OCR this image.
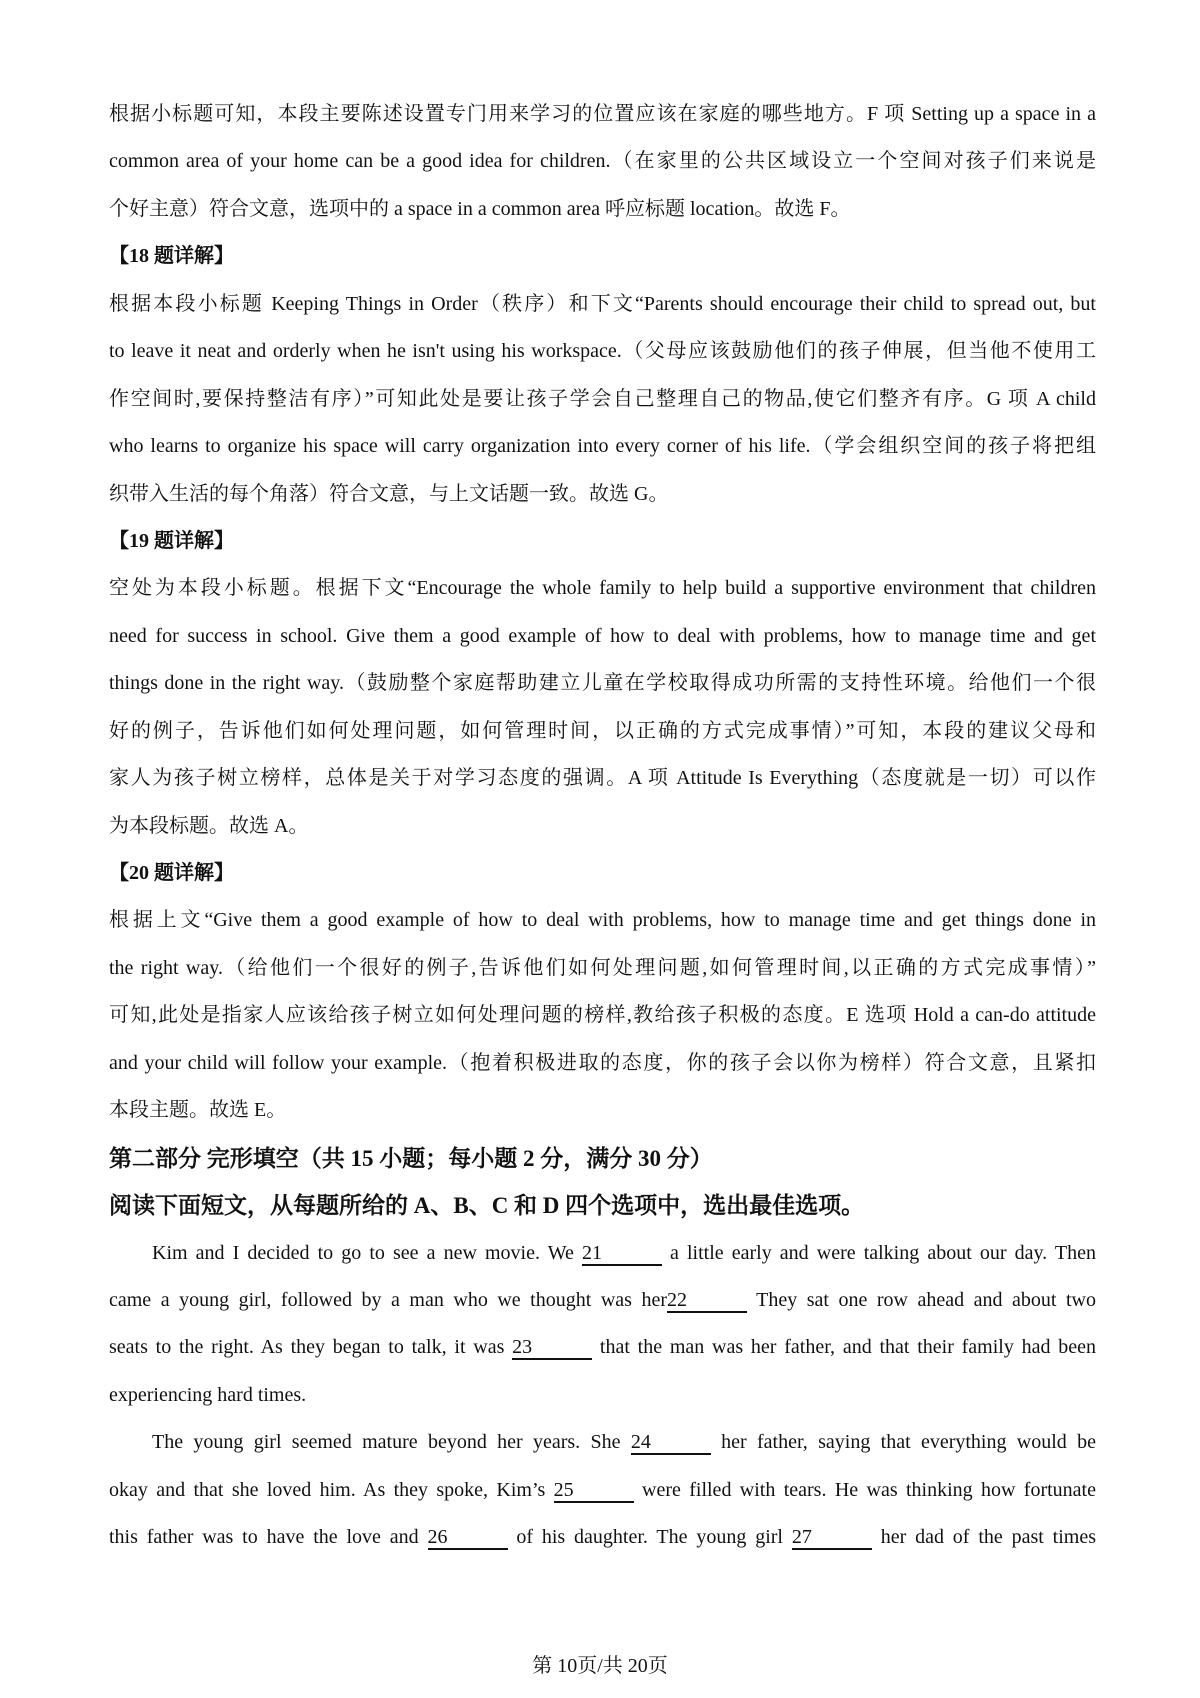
根据小标题可知，本段主要陈述设置专门用来学习的位置应该在家庭的哪些地方。F 项 Setting up a space in a
common area of your home can be a good idea for children.（在家里的公共区域设立一个空间对孩子们来说是
个好主意）符合文意，选项中的 a space in a common area 呼应标题 location。故选 F。
【18 题详解】
根据本段小标题 Keeping Things in Order（秩序）和下文“Parents should encourage their child to spread out, but
to leave it neat and orderly when he isn't using his workspace.（父母应该鼓励他们的孩子伸展，但当他不使用工
作空间时,要保持整洁有序）”可知此处是要让孩子学会自己整理自己的物品,使它们整齐有序。G 项 A child
who learns to organize his space will carry organization into every corner of his life.（学会组织空间的孩子将把组
织带入生活的每个角落）符合文意，与上文话题一致。故选 G。
【19 题详解】
空处为本段小标题。根据下文“Encourage the whole family to help build a supportive environment that children
need for success in school. Give them a good example of how to deal with problems, how to manage time and get
things done in the right way.（鼓励整个家庭帮助建立儿童在学校取得成功所需的支持性环境。给他们一个很
好的例子，告诉他们如何处理问题，如何管理时间，以正确的方式完成事情）”可知，本段的建议父母和
家人为孩子树立榜样，总体是关于对学习态度的强调。A 项 Attitude Is Everything（态度就是一切）可以作
为本段标题。故选 A。
【20 题详解】
根据上文“Give them a good example of how to deal with problems, how to manage time and get things done in
the right way.（给他们一个很好的例子,告诉他们如何处理问题,如何管理时间,以正确的方式完成事情）”
可知,此处是指家人应该给孩子树立如何处理问题的榜样,教给孩子积极的态度。E 选项 Hold a can-do attitude
and your child will follow your example.（抱着积极进取的态度，你的孩子会以你为榜样）符合文意，且紧扣
本段主题。故选 E。
第二部分 完形填空（共 15 小题；每小题 2 分，满分 30 分）
阅读下面短文，从每题所给的 A、B、C 和 D 四个选项中，选出最佳选项。
Kim and I decided to go to see a new movie. We 21	a little early and were talking about our day. Then
came a young girl, followed by a man who we thought was her22	They sat one row ahead and about two
seats to the right. As they began to talk, it was 23	that the man was her father, and that their family had been
experiencing hard times.
The young girl seemed mature beyond her years. She 24	her father, saying that everything would be
okay and that she loved him. As they spoke, Kim’s 25	were filled with tears. He was thinking how fortunate
this father was to have the love and 26	of his daughter. The young girl 27	her dad of the past times
第 10页/共 20页
